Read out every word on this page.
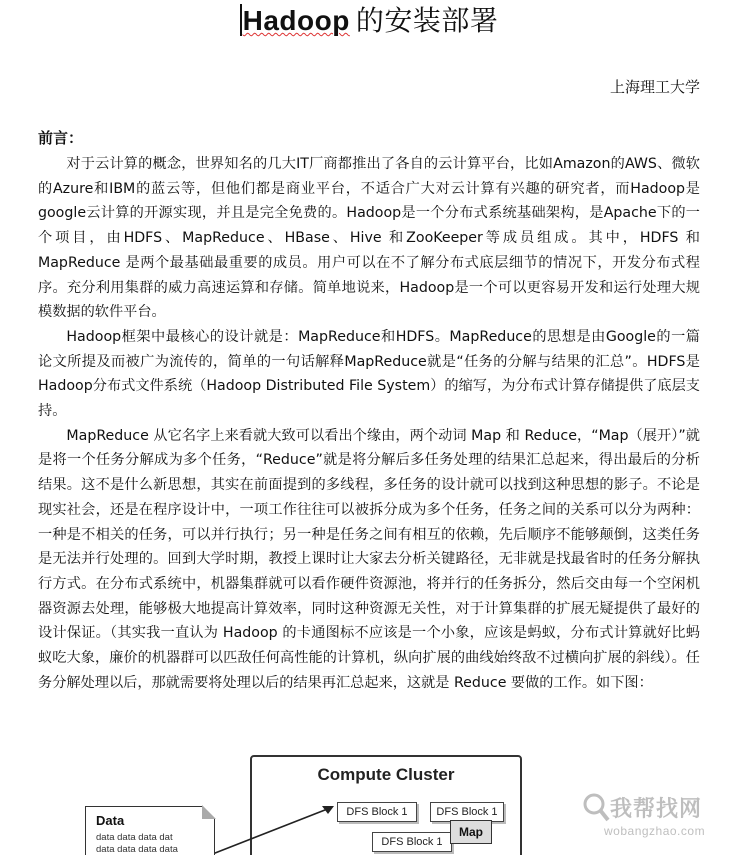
Hadoop 的安装部署
上海理工大学
前言：

对于云计算的概念，世界知名的几大IT厂商都推出了各自的云计算平台，比如Amazon的AWS、微软的Azure和IBM的蓝云等，但他们都是商业平台，不适合广大对云计算有兴趣的研究者，而Hadoop是google云计算的开源实现，并且是完全免费的。Hadoop是一个分布式系统基础架构，是Apache下的一个项目，由HDFS、MapReduce、HBase、Hive 和ZooKeeper等成员组成。其中，HDFS 和MapReduce 是两个最基础最重要的成员。用户可以在不了解分布式底层细节的情况下，开发分布式程序。充分利用集群的威力高速运算和存储。简单地说来，Hadoop是一个可以更容易开发和运行处理大规模数据的软件平台。

Hadoop框架中最核心的设计就是：MapReduce和HDFS。MapReduce的思想是由Google的一篇论文所提及而被广为流传的，简单的一句话解释MapReduce就是“任务的分解与结果的汇总”。HDFS是Hadoop分布式文件系统（Hadoop Distributed File System）的缩写，为分布式计算存储提供了底层支持。

MapReduce 从它名字上来看就大致可以看出个缘由，两个动词 Map 和 Reduce，“Map（展开）”就是将一个任务分解成为多个任务，“Reduce”就是将分解后多任务处理的结果汇总起来，得出最后的分析结果。这不是什么新思想，其实在前面提到的多线程，多任务的设计就可以找到这种思想的影子。不论是现实社会，还是在程序设计中，一项工作往往可以被拆分成为多个任务，任务之间的关系可以分为两种：一种是不相关的任务，可以并行执行；另一种是任务之间有相互的依赖，先后顺序不能够颠倒，这类任务是无法并行处理的。回到大学时期，教授上课时让大家去分析关键路径，无非就是找最省时的任务分解执行方式。在分布式系统中，机器集群就可以看作硬件资源池，将并行的任务拆分，然后交由每一个空闲机器资源去处理，能够极大地提高计算效率，同时这种资源无关性，对于计算集群的扩展无疑提供了最好的设计保证。（其实我一直认为 Hadoop 的卡通图标不应该是一个小象，应该是蚂蚁，分布式计算就好比蚂蚁吃大象，廉价的机器群可以匹敌任何高性能的计算机，纵向扩展的曲线始终敌不过横向扩展的斜线）。任务分解处理以后，那就需要将处理以后的结果再汇总起来，这就是 Reduce 要做的工作。如下图：

Compute Cluster
DFS Block 1	DFS Block 1
DFS Block 1
Map
Data
data data data dat
data data data data
我帮找网
wobangzhao.com
